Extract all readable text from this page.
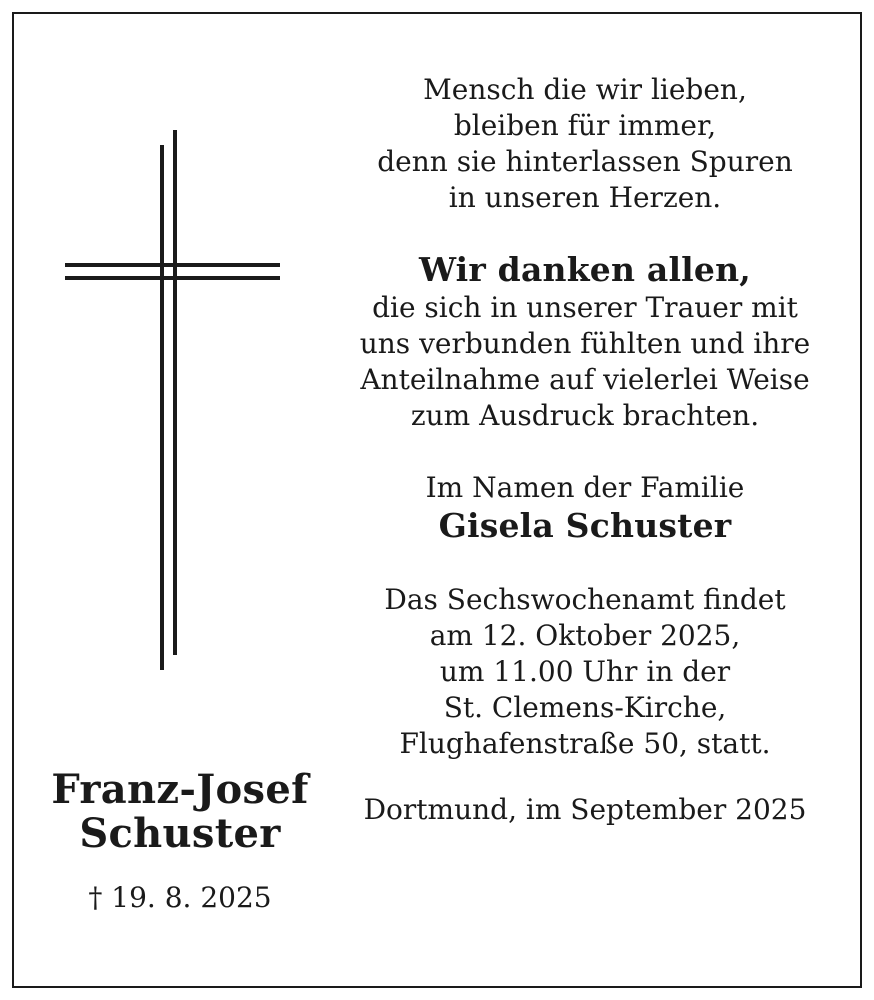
Franz-Josef
Schuster
† 19. 8. 2025
Mensch die wir lieben,
bleiben für immer,
denn sie hinterlassen Spuren
in unseren Herzen.
Wir danken allen,
die sich in unserer Trauer mit
uns verbunden fühlten und ihre
Anteilnahme auf vielerlei Weise
zum Ausdruck brachten.
Im Namen der Familie
Gisela Schuster
Das Sechswochenamt findet
am 12. Oktober 2025,
um 11.00 Uhr in der
St. Clemens-Kirche,
Flughafenstraße 50, statt.
Dortmund, im September 2025
